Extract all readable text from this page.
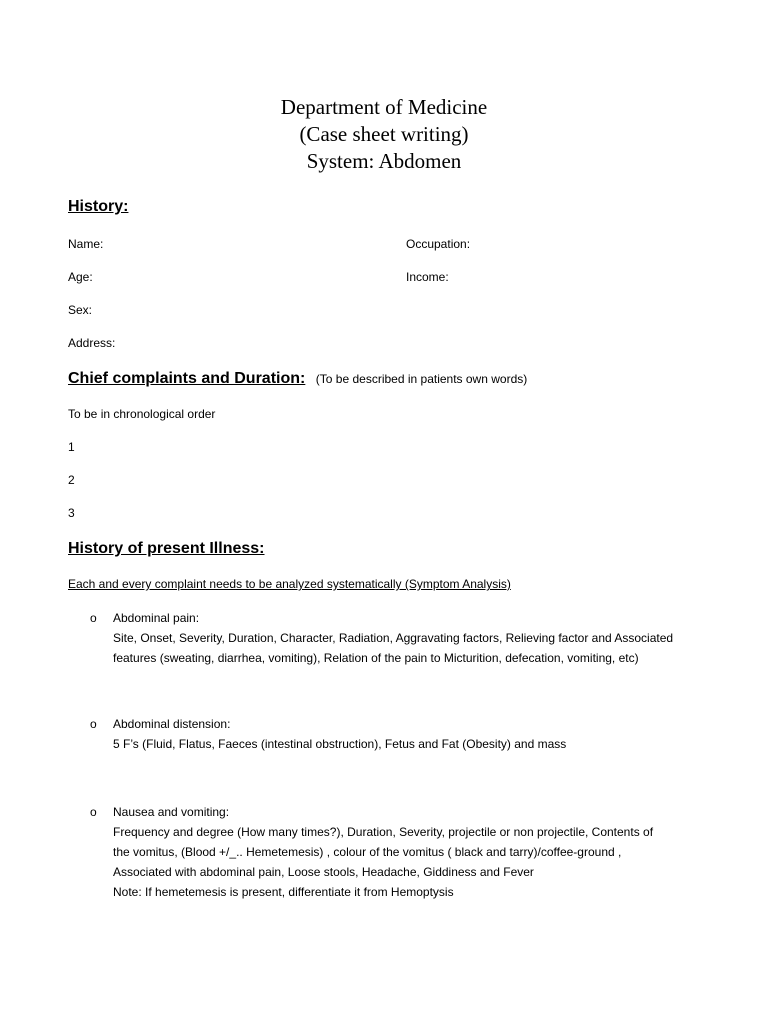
Department of Medicine
(Case sheet writing)
System: Abdomen
History:
Name:	Occupation:
Age:	Income:
Sex:
Address:
Chief complaints and Duration: (To be described in patients own words)
To be in chronological order
1
2
3
History of present Illness:
Each and every complaint needs to be analyzed systematically (Symptom Analysis)
o Abdominal pain:
Site, Onset, Severity, Duration, Character, Radiation, Aggravating factors, Relieving factor and Associated
features (sweating, diarrhea, vomiting), Relation of the pain to Micturition, defecation, vomiting, etc)
o Abdominal distension:
5 F’s (Fluid, Flatus, Faeces (intestinal obstruction), Fetus and Fat (Obesity) and mass
o Nausea and vomiting:
Frequency and degree (How many times?), Duration, Severity, projectile or non projectile, Contents of
the vomitus, (Blood +/_.. Hemetemesis) , colour of the vomitus ( black and tarry)/coffee-ground ,
Associated with abdominal pain, Loose stools, Headache, Giddiness and Fever
Note: If hemetemesis is present, differentiate it from Hemoptysis
